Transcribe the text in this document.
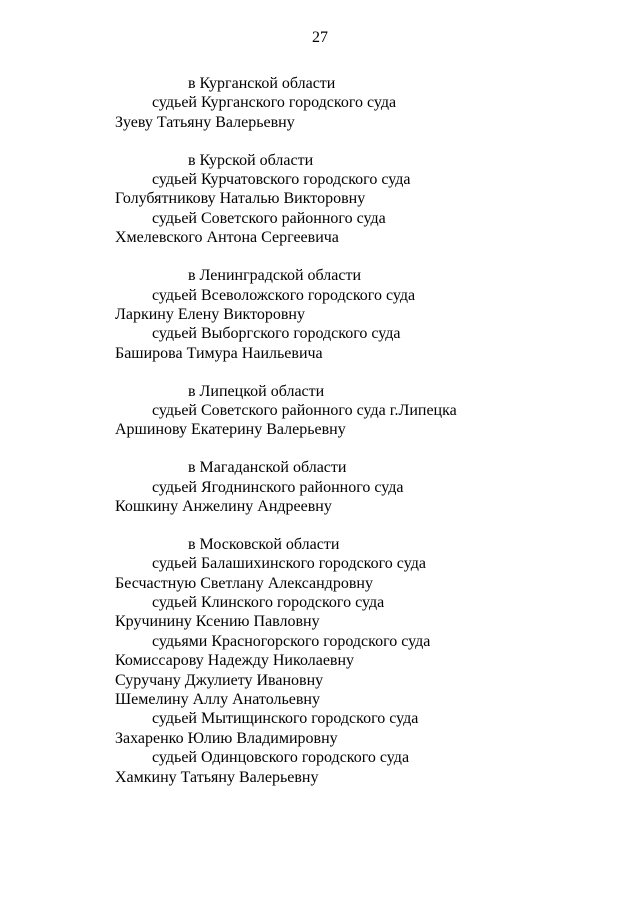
27
в Курганской области
судьей Курганского городского суда
Зуеву Татьяну Валерьевну
в Курской области
судьей Курчатовского городского суда
Голубятникову Наталью Викторовну
судьей Советского районного суда
Хмелевского Антона Сергеевича
в Ленинградской области
судьей Всеволожского городского суда
Ларкину Елену Викторовну
судьей Выборгского городского суда
Баширова Тимура Наильевича
в Липецкой области
судьей Советского районного суда г.Липецка
Аршинову Екатерину Валерьевну
в Магаданской области
судьей Ягоднинского районного суда
Кошкину Анжелину Андреевну
в Московской области
судьей Балашихинского городского суда
Бесчастную Светлану Александровну
судьей Клинского городского суда
Кручинину Ксению Павловну
судьями Красногорского городского суда
Комиссарову Надежду Николаевну
Суручану Джулиету Ивановну
Шемелину Аллу Анатольевну
судьей Мытищинского городского суда
Захаренко Юлию Владимировну
судьей Одинцовского городского суда
Хамкину Татьяну Валерьевну
